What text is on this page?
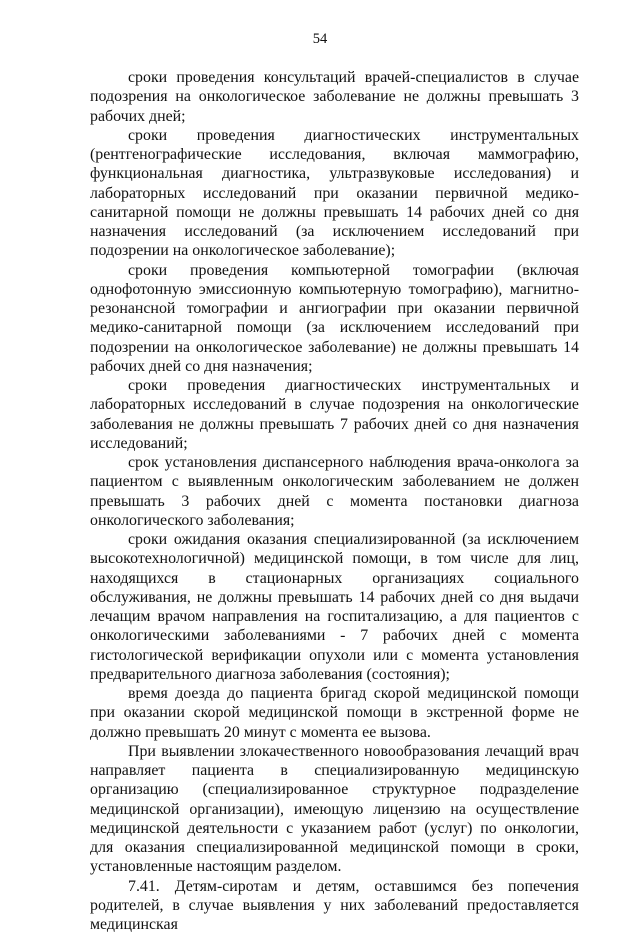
54

сроки проведения консультаций врачей-специалистов в случае подозрения на онкологическое заболевание не должны превышать 3 рабочих дней;

сроки проведения диагностических инструментальных (рентгенографические исследования, включая маммографию, функциональная диагностика, ультразвуковые исследования) и лабораторных исследований при оказании первичной медико-санитарной помощи не должны превышать 14 рабочих дней со дня назначения исследований (за исключением исследований при подозрении на онкологическое заболевание);

сроки проведения компьютерной томографии (включая однофотонную эмиссионную компьютерную томографию), магнитно-резонансной томографии и ангиографии при оказании первичной медико-санитарной помощи (за исключением исследований при подозрении на онкологическое заболевание) не должны превышать 14 рабочих дней со дня назначения;

сроки проведения диагностических инструментальных и лабораторных исследований в случае подозрения на онкологические заболевания не должны превышать 7 рабочих дней со дня назначения исследований;

срок установления диспансерного наблюдения врача-онколога за пациентом с выявленным онкологическим заболеванием не должен превышать 3 рабочих дней с момента постановки диагноза онкологического заболевания;

сроки ожидания оказания специализированной (за исключением высокотехнологичной) медицинской помощи, в том числе для лиц, находящихся в стационарных организациях социального обслуживания, не должны превышать 14 рабочих дней со дня выдачи лечащим врачом направления на госпитализацию, а для пациентов с онкологическими заболеваниями - 7 рабочих дней с момента гистологической верификации опухоли или с момента установления предварительного диагноза заболевания (состояния);

время доезда до пациента бригад скорой медицинской помощи при оказании скорой медицинской помощи в экстренной форме не должно превышать 20 минут с момента ее вызова.

При выявлении злокачественного новообразования лечащий врач направляет пациента в специализированную медицинскую организацию (специализированное структурное подразделение медицинской организации), имеющую лицензию на осуществление медицинской деятельности с указанием работ (услуг) по онкологии, для оказания специализированной медицинской помощи в сроки, установленные настоящим разделом.

7.41. Детям-сиротам и детям, оставшимся без попечения родителей, в случае выявления у них заболеваний предоставляется медицинская
